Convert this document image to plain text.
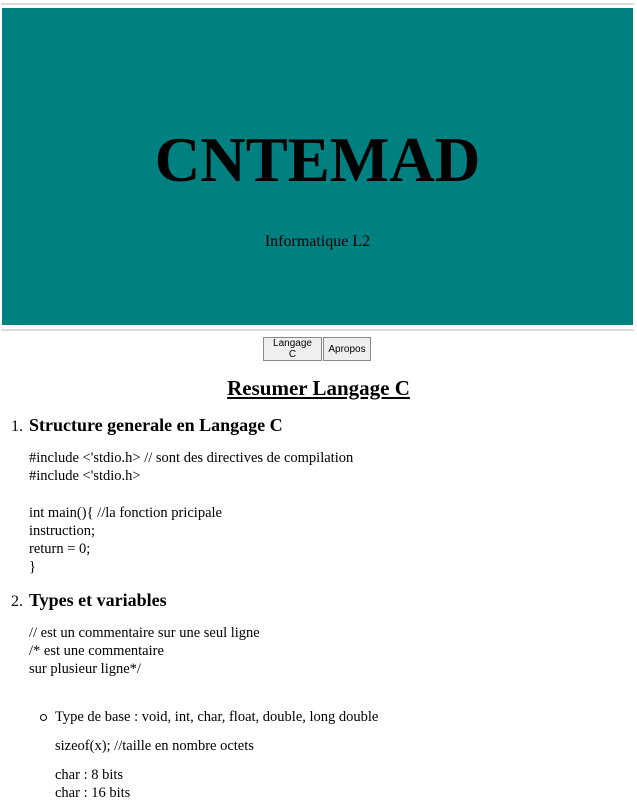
CNTEMAD
Informatique L2
Langage C	Apropos
Resumer Langage C
1. Structure generale en Langage C
#include <'stdio.h> // sont des directives de compilation
#include <'stdio.h>
int main(){ //la fonction pricipale
instruction;
return = 0;
}
2. Types et variables
// est un commentaire sur une seul ligne
/* est une commentaire
sur plusieur ligne*/
Type de base : void, int, char, float, double, long double
sizeof(x); //taille en nombre octets
char : 8 bits
char : 16 bits
